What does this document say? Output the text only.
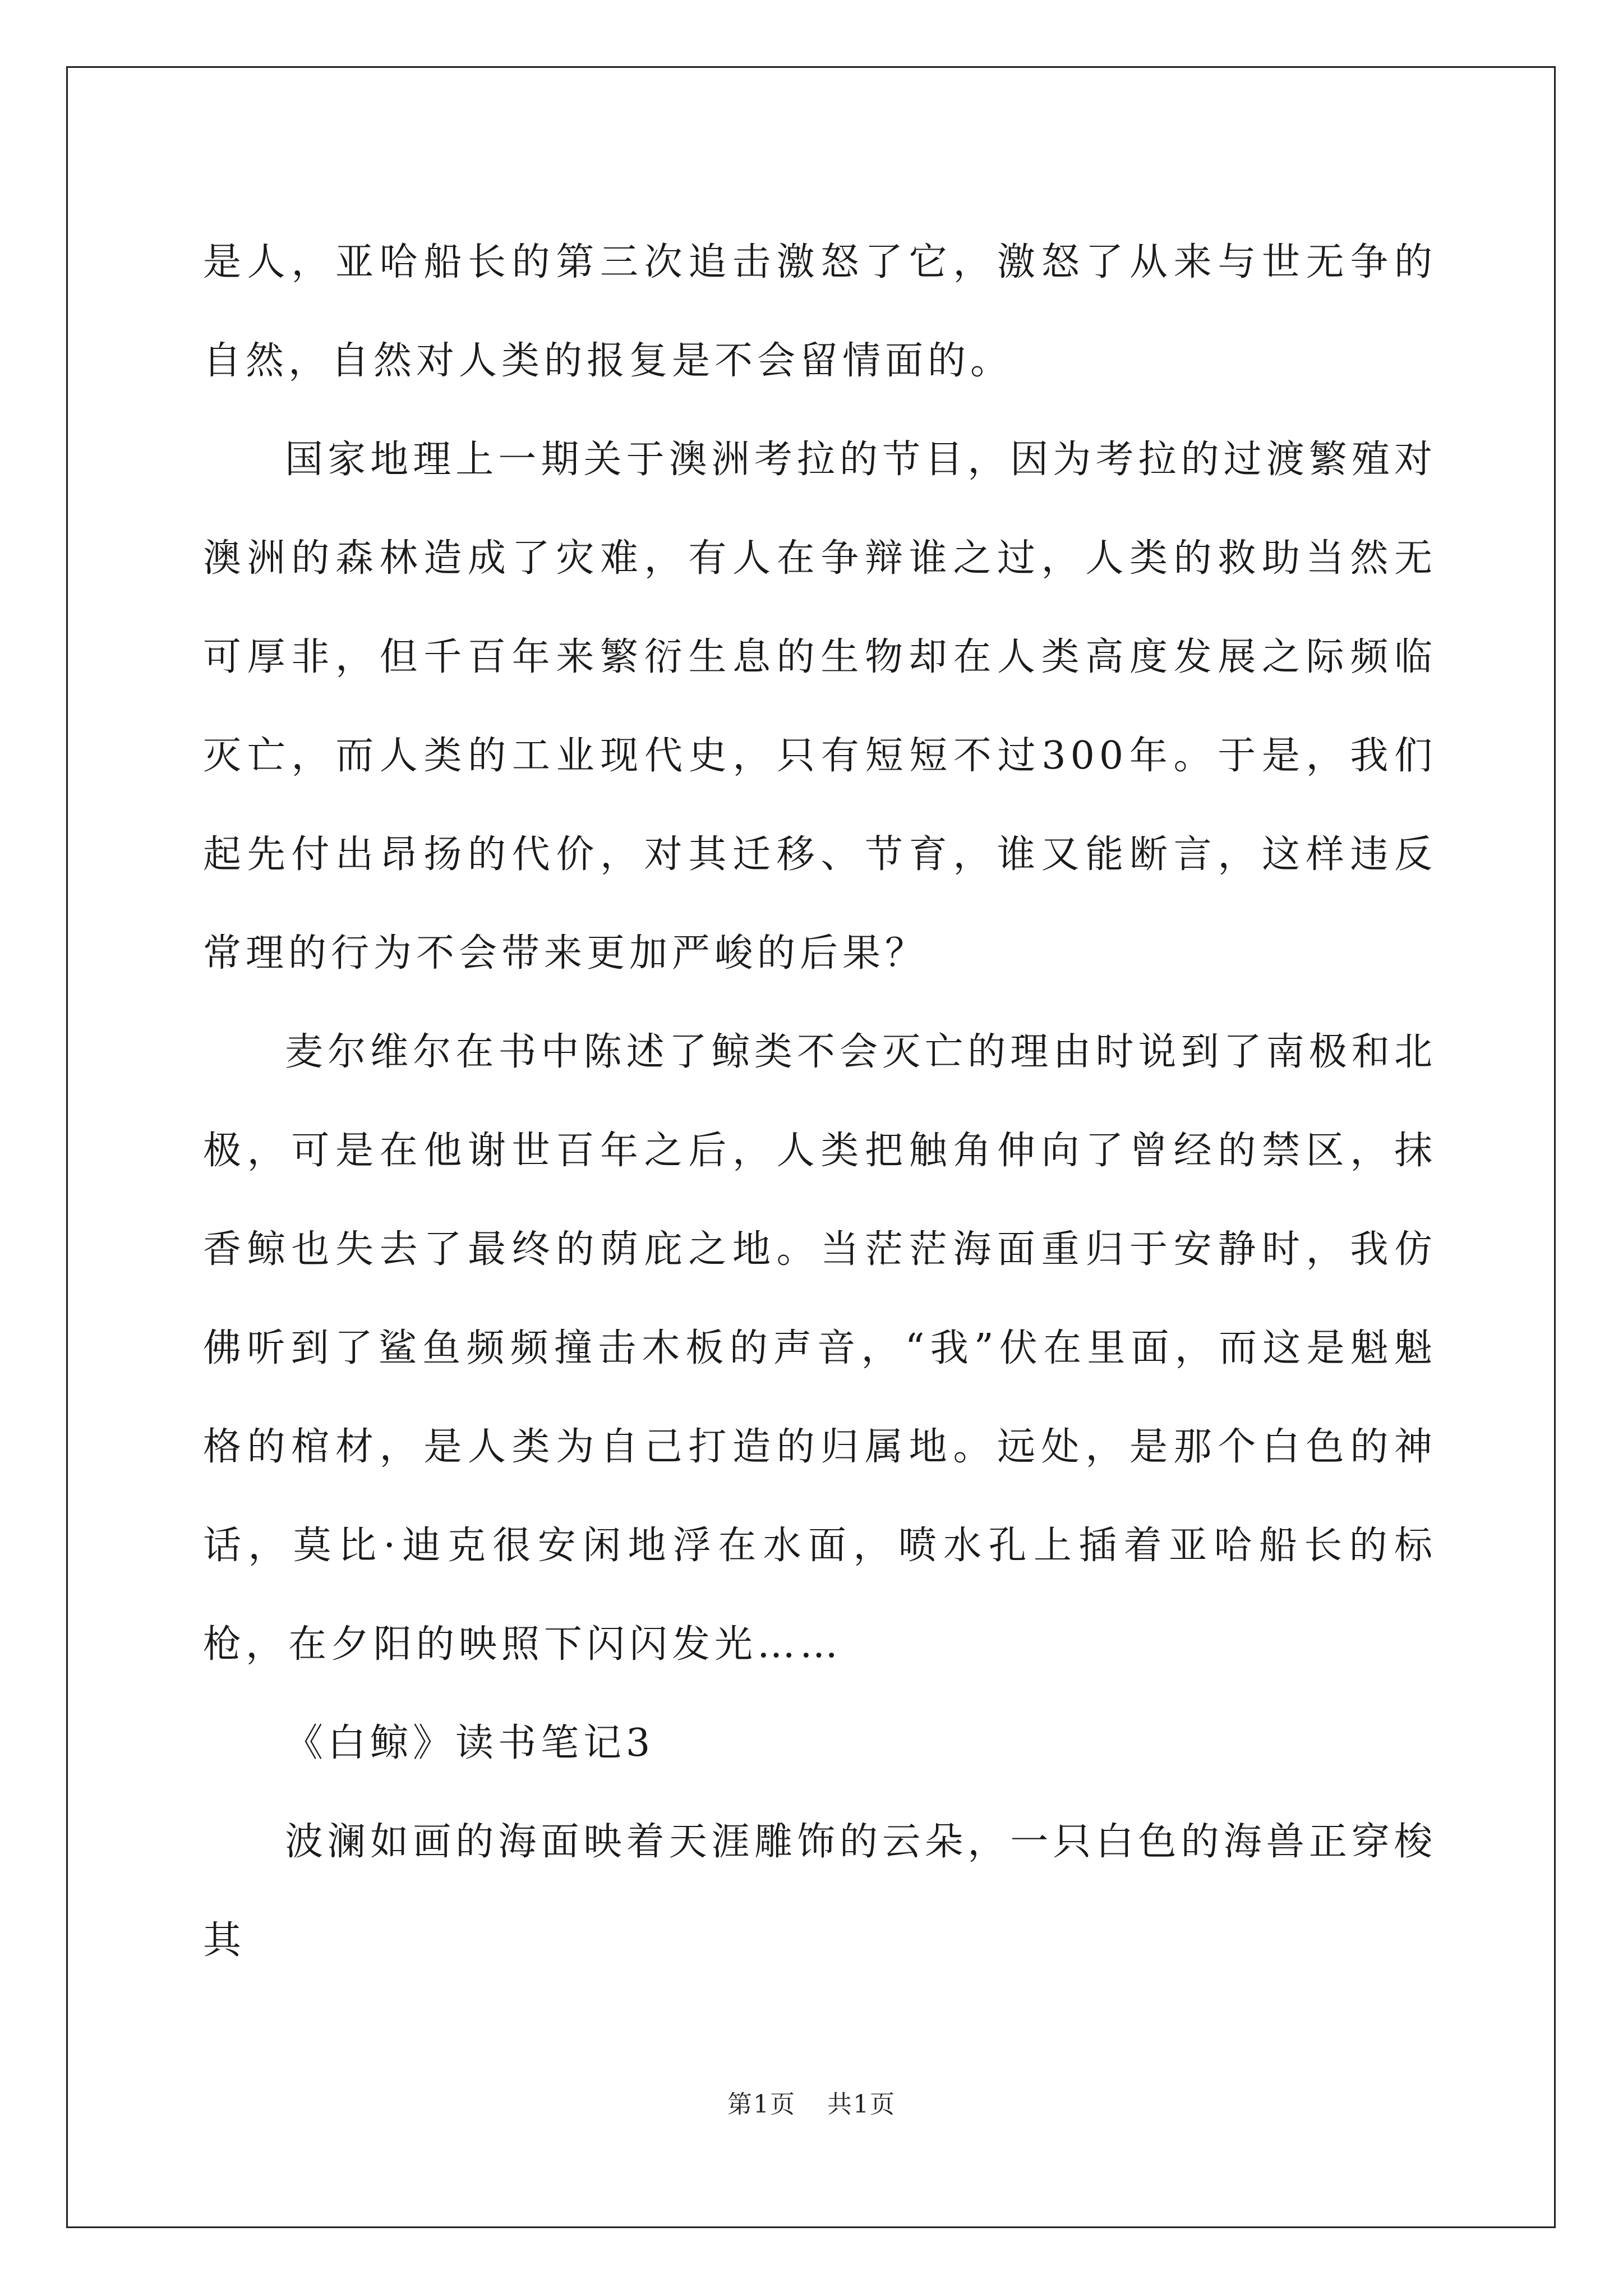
是人，亚哈船长的第三次追击激怒了它，激怒了从来与世无争的自然，自然对人类的报复是不会留情面的。

国家地理上一期关于澳洲考拉的节目，因为考拉的过渡繁殖对澳洲的森林造成了灾难，有人在争辩谁之过，人类的救助当然无可厚非，但千百年来繁衍生息的生物却在人类高度发展之际频临灭亡，而人类的工业现代史，只有短短不过300年。于是，我们起先付出昂扬的代价，对其迁移、节育，谁又能断言，这样违反常理的行为不会带来更加严峻的后果？

麦尔维尔在书中陈述了鲸类不会灭亡的理由时说到了南极和北极，可是在他谢世百年之后，人类把触角伸向了曾经的禁区，抹香鲸也失去了最终的荫庇之地。当茫茫海面重归于安静时，我仿佛听到了鲨鱼频频撞击木板的声音，“我”伏在里面，而这是魁魁格的棺材，是人类为自己打造的归属地。远处，是那个白色的神话，莫比·迪克很安闲地浮在水面，喷水孔上插着亚哈船长的标枪，在夕阳的映照下闪闪发光……

《白鲸》读书笔记3

波澜如画的海面映着天涯雕饰的云朵，一只白色的海兽正穿梭其

第1页 共1页
